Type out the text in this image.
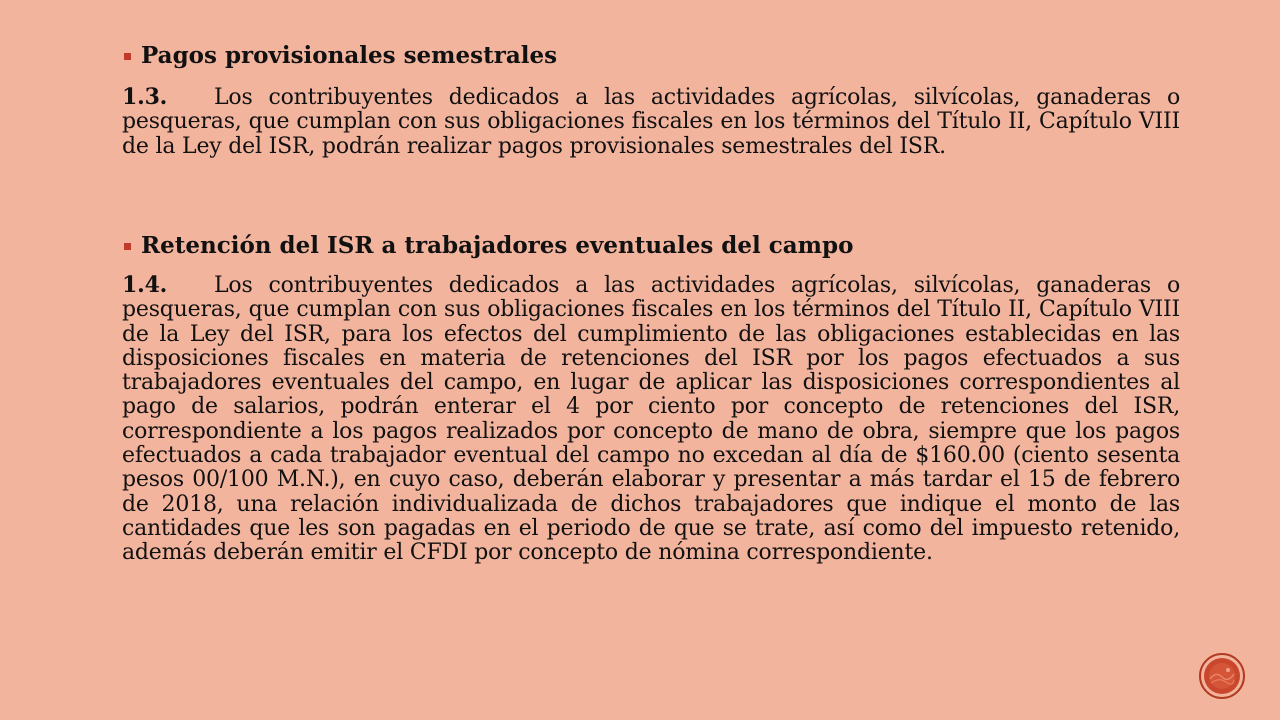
Pagos provisionales semestrales
1.3. Los contribuyentes dedicados a las actividades agrícolas, silvícolas, ganaderas o pesqueras, que cumplan con sus obligaciones fiscales en los términos del Título II, Capítulo VIII de la Ley del ISR, podrán realizar pagos provisionales semestrales del ISR.
Retención del ISR a trabajadores eventuales del campo
1.4. Los contribuyentes dedicados a las actividades agrícolas, silvícolas, ganaderas o pesqueras, que cumplan con sus obligaciones fiscales en los términos del Título II, Capítulo VIII de la Ley del ISR, para los efectos del cumplimiento de las obligaciones establecidas en las disposiciones fiscales en materia de retenciones del ISR por los pagos efectuados a sus trabajadores eventuales del campo, en lugar de aplicar las disposiciones correspondientes al pago de salarios, podrán enterar el 4 por ciento por concepto de retenciones del ISR, correspondiente a los pagos realizados por concepto de mano de obra, siempre que los pagos efectuados a cada trabajador eventual del campo no excedan al día de $160.00 (ciento sesenta pesos 00/100 M.N.), en cuyo caso, deberán elaborar y presentar a más tardar el 15 de febrero de 2018, una relación individualizada de dichos trabajadores que indique el monto de las cantidades que les son pagadas en el periodo de que se trate, así como del impuesto retenido, además deberán emitir el CFDI por concepto de nómina correspondiente.
